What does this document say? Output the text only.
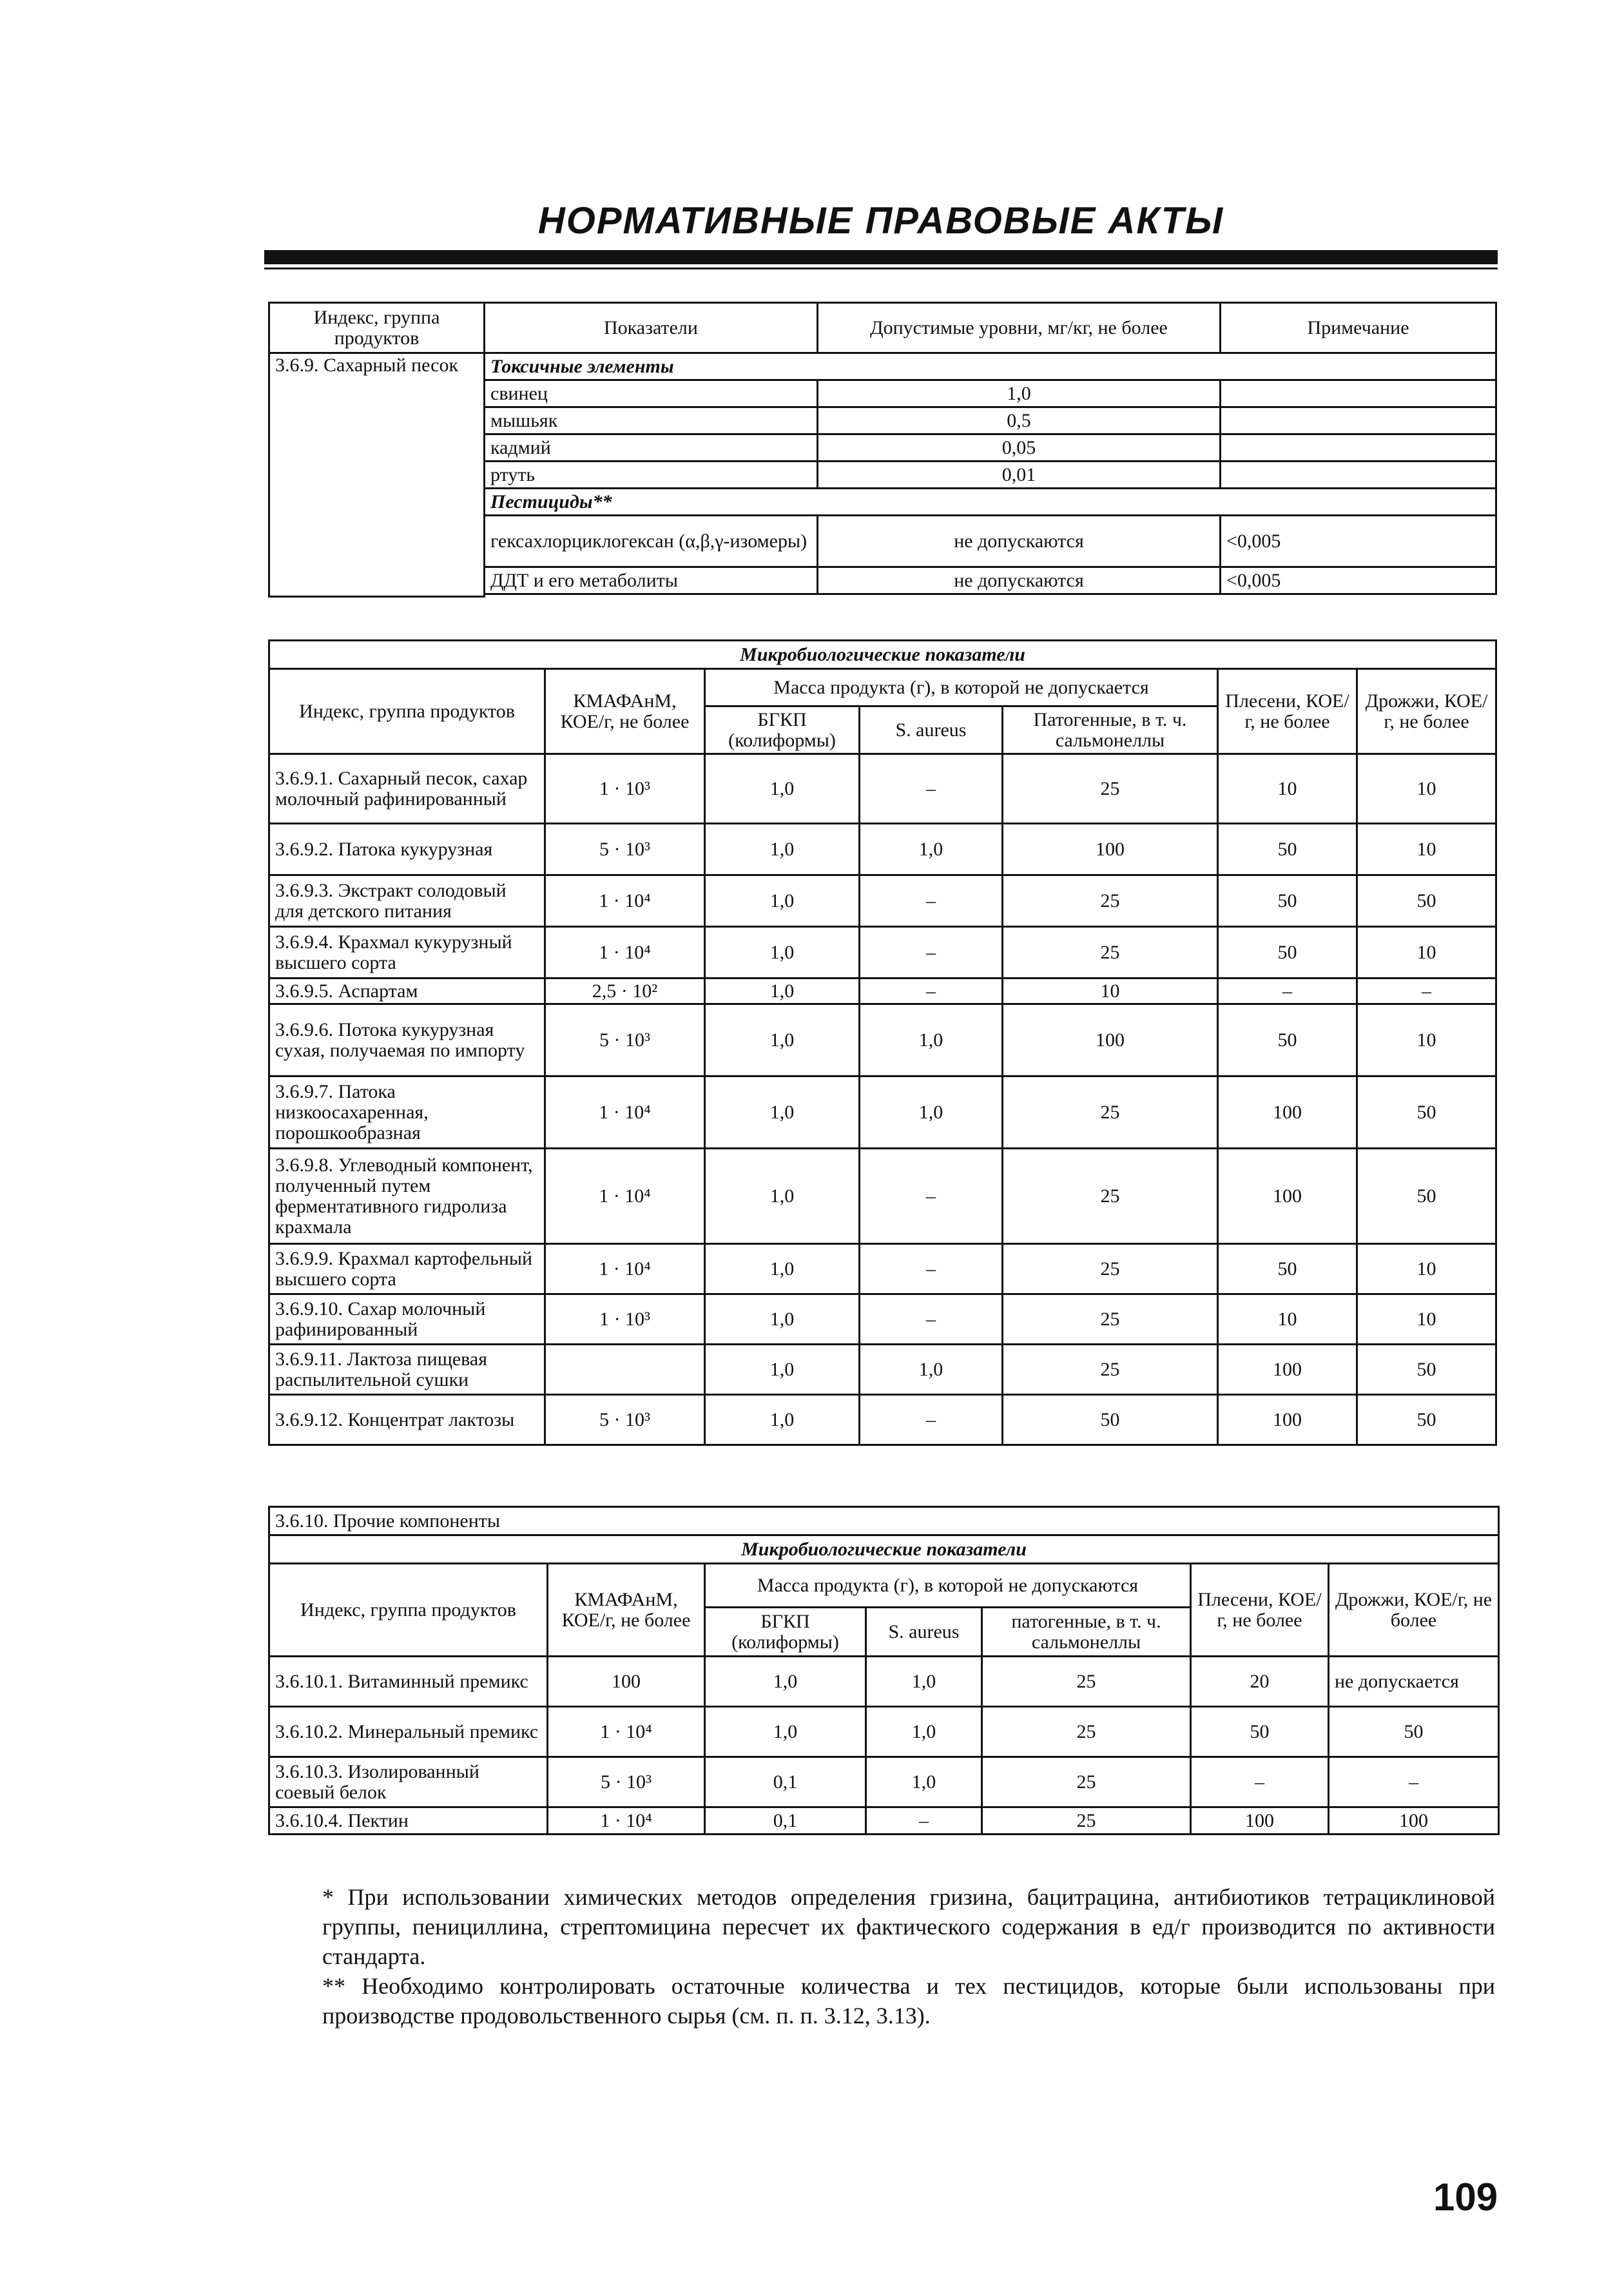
НОРМАТИВНЫЕ ПРАВОВЫЕ АКТЫ
Индекс, группа продуктов	Показатели	Допустимые уровни, мг/кг, не более	Примечание
3.6.9. Сахарный песок	Токсичные элементы		
	свинец	1,0	
	мышьяк	0,5	
	кадмий	0,05	
	ртуть	0,01	
	Пестициды**		
	гексахлорциклогексан (α,β,γ-изомеры)	не допускаются	<0,005
	ДДТ и его метаболиты	не допускаются	<0,005

Микробиологические показатели						
Индекс, группа продуктов	КМАФАнМ, КОЕ/г, не более	Масса продукта (г), в которой не допускается			Плесени, КОЕ/г, не более	Дрожжи, КОЕ/г, не более
		БГКП (колиформы)	S. aureus	Патогенные, в т. ч. сальмонеллы		
3.6.9.1. Сахарный песок, сахар молочный рафинированный	1 · 10³	1,0	–	25	10	10
3.6.9.2. Патока кукурузная	5 · 10³	1,0	1,0	100	50	10
3.6.9.3. Экстракт солодовый для детского питания	1 · 10⁴	1,0	–	25	50	50
3.6.9.4. Крахмал кукурузный высшего сорта	1 · 10⁴	1,0	–	25	50	10
3.6.9.5. Аспартам	2,5 · 10²	1,0	–	10	–	–
3.6.9.6. Потока кукурузная сухая, получаемая по импорту	5 · 10³	1,0	1,0	100	50	10
3.6.9.7. Патока низкоосахаренная, порошкообразная	1 · 10⁴	1,0	1,0	25	100	50
3.6.9.8. Углеводный компонент, полученный путем ферментативного гидролиза крахмала	1 · 10⁴	1,0	–	25	100	50
3.6.9.9. Крахмал картофельный высшего сорта	1 · 10⁴	1,0	–	25	50	10
3.6.9.10. Сахар молочный рафинированный	1 · 10³	1,0	–	25	10	10
3.6.9.11. Лактоза пищевая распылительной сушки		1,0	1,0	25	100	50
3.6.9.12. Концентрат лактозы	5 · 10³	1,0	–	50	100	50
3.6.10. Прочие компоненты						
Микробиологические показатели						
Индекс, группа продуктов	КМАФАнМ, КОЕ/г, не более	Масса продукта (г), в которой не допускаются			Плесени, КОЕ/г, не более	Дрожжи, КОЕ/г, не более
		БГКП (колиформы)	S. aureus	патогенные, в т. ч. сальмонеллы		
3.6.10.1. Витаминный премикс	100	1,0	1,0	25	20	не допускается
3.6.10.2. Минеральный премикс	1 · 10⁴	1,0	1,0	25	50	50
3.6.10.3. Изолированный соевый белок	5 · 10³	0,1	1,0	25	–	–
3.6.10.4. Пектин	1 · 10⁴	0,1	–	25	100	100

* При использовании химических методов определения гризина, бацитрацина, антибиотиков тетрациклиновой группы, пенициллина, стрептомицина пересчет их фактического содержания в ед/г производится по активности стандарта.

** Необходимо контролировать остаточные количества и тех пестицидов, которые были использованы при производстве продовольственного сырья (см. п. п. 3.12, 3.13).

109
